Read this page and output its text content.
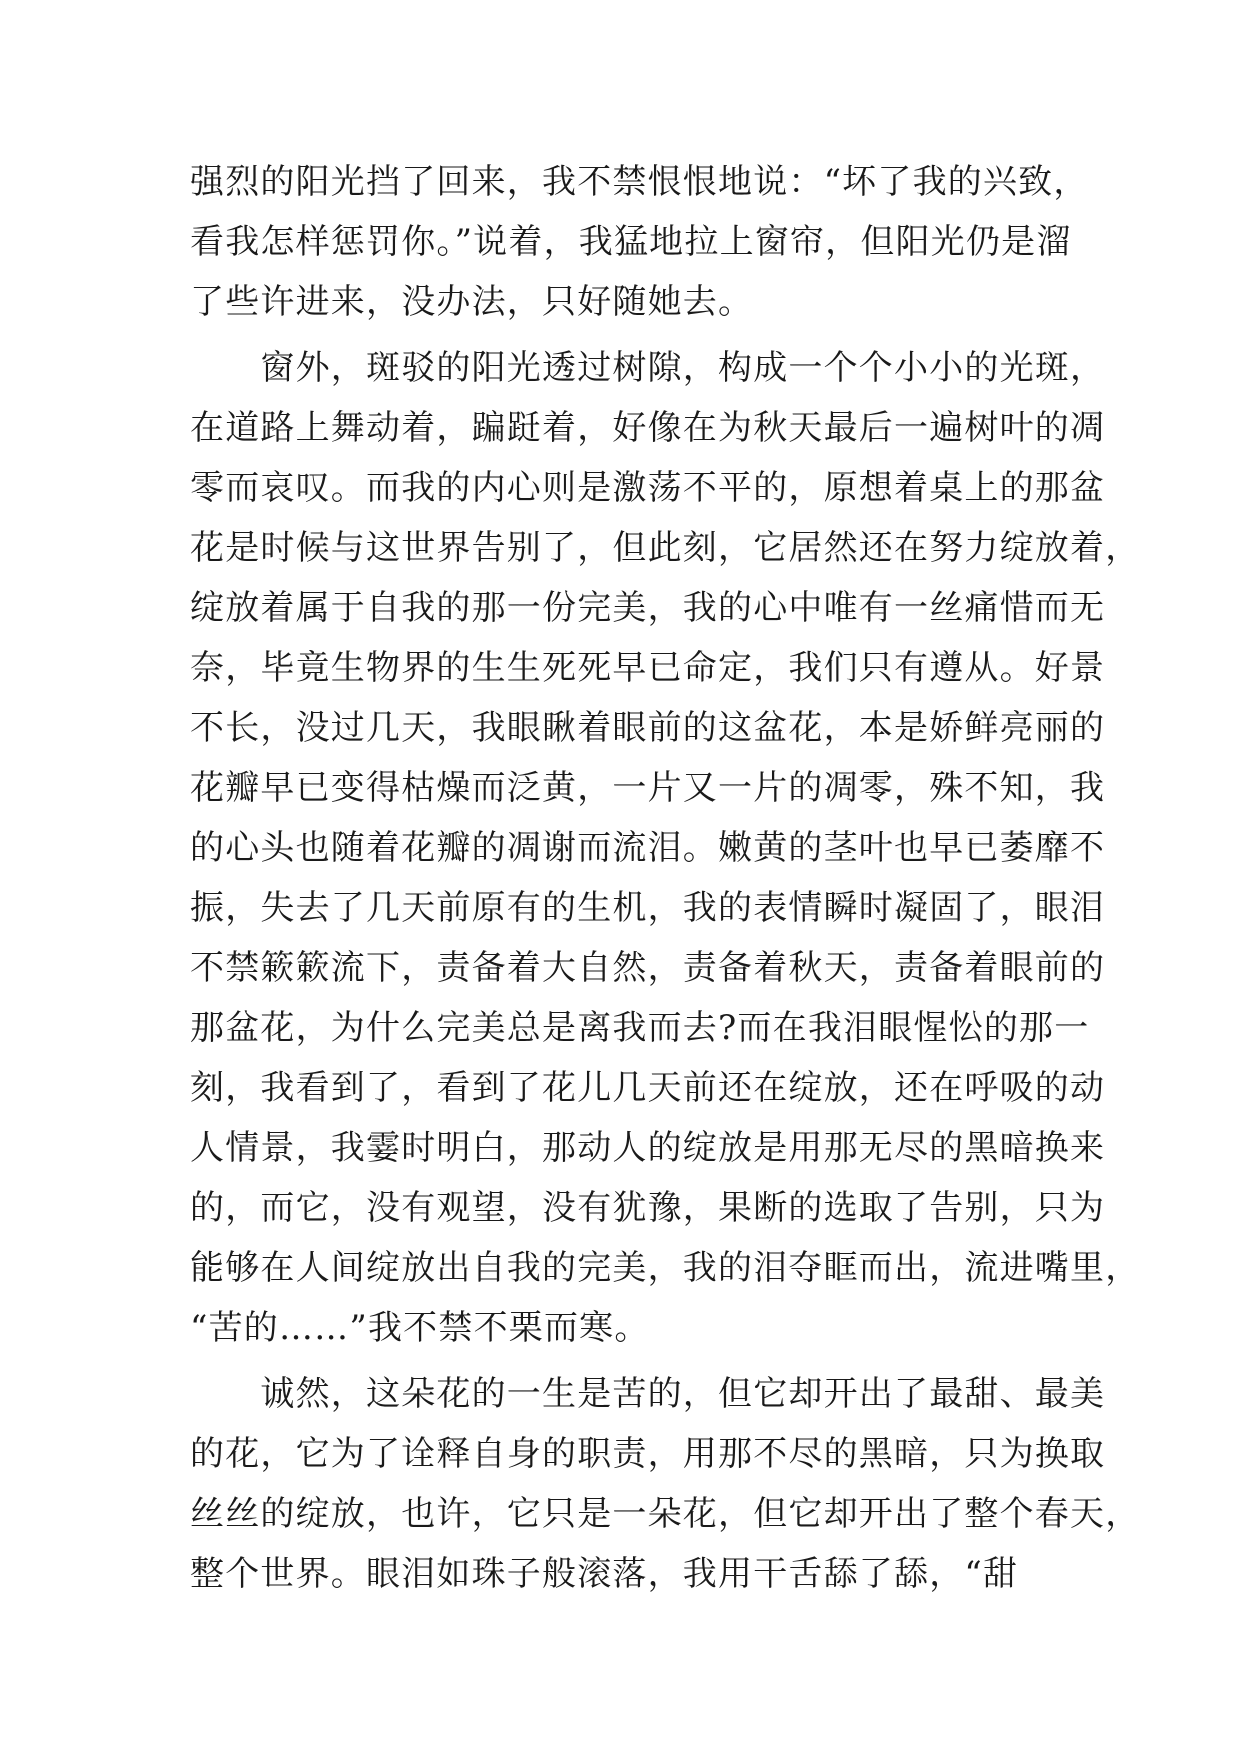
强烈的阳光挡了回来，我不禁恨恨地说：“坏了我的兴致，
看我怎样惩罚你。”说着，我猛地拉上窗帘，但阳光仍是溜
了些许进来，没办法，只好随她去。
　　窗外，斑驳的阳光透过树隙，构成一个个小小的光斑，
在道路上舞动着，蹁跹着，好像在为秋天最后一遍树叶的凋
零而哀叹。而我的内心则是激荡不平的，原想着桌上的那盆
花是时候与这世界告别了，但此刻，它居然还在努力绽放着，
绽放着属于自我的那一份完美，我的心中唯有一丝痛惜而无
奈，毕竟生物界的生生死死早已命定，我们只有遵从。好景
不长，没过几天，我眼瞅着眼前的这盆花，本是娇鲜亮丽的
花瓣早已变得枯燥而泛黄，一片又一片的凋零，殊不知，我
的心头也随着花瓣的凋谢而流泪。嫩黄的茎叶也早已萎靡不
振，失去了几天前原有的生机，我的表情瞬时凝固了，眼泪
不禁簌簌流下，责备着大自然，责备着秋天，责备着眼前的
那盆花，为什么完美总是离我而去?而在我泪眼惺忪的那一
刻，我看到了，看到了花儿几天前还在绽放，还在呼吸的动
人情景，我霎时明白，那动人的绽放是用那无尽的黑暗换来
的，而它，没有观望，没有犹豫，果断的选取了告别，只为
能够在人间绽放出自我的完美，我的泪夺眶而出，流进嘴里，
“苦的……”我不禁不栗而寒。
　　诚然，这朵花的一生是苦的，但它却开出了最甜、最美
的花，它为了诠释自身的职责，用那不尽的黑暗，只为换取
丝丝的绽放，也许，它只是一朵花，但它却开出了整个春天，
整个世界。眼泪如珠子般滚落，我用干舌舔了舔，“甜
